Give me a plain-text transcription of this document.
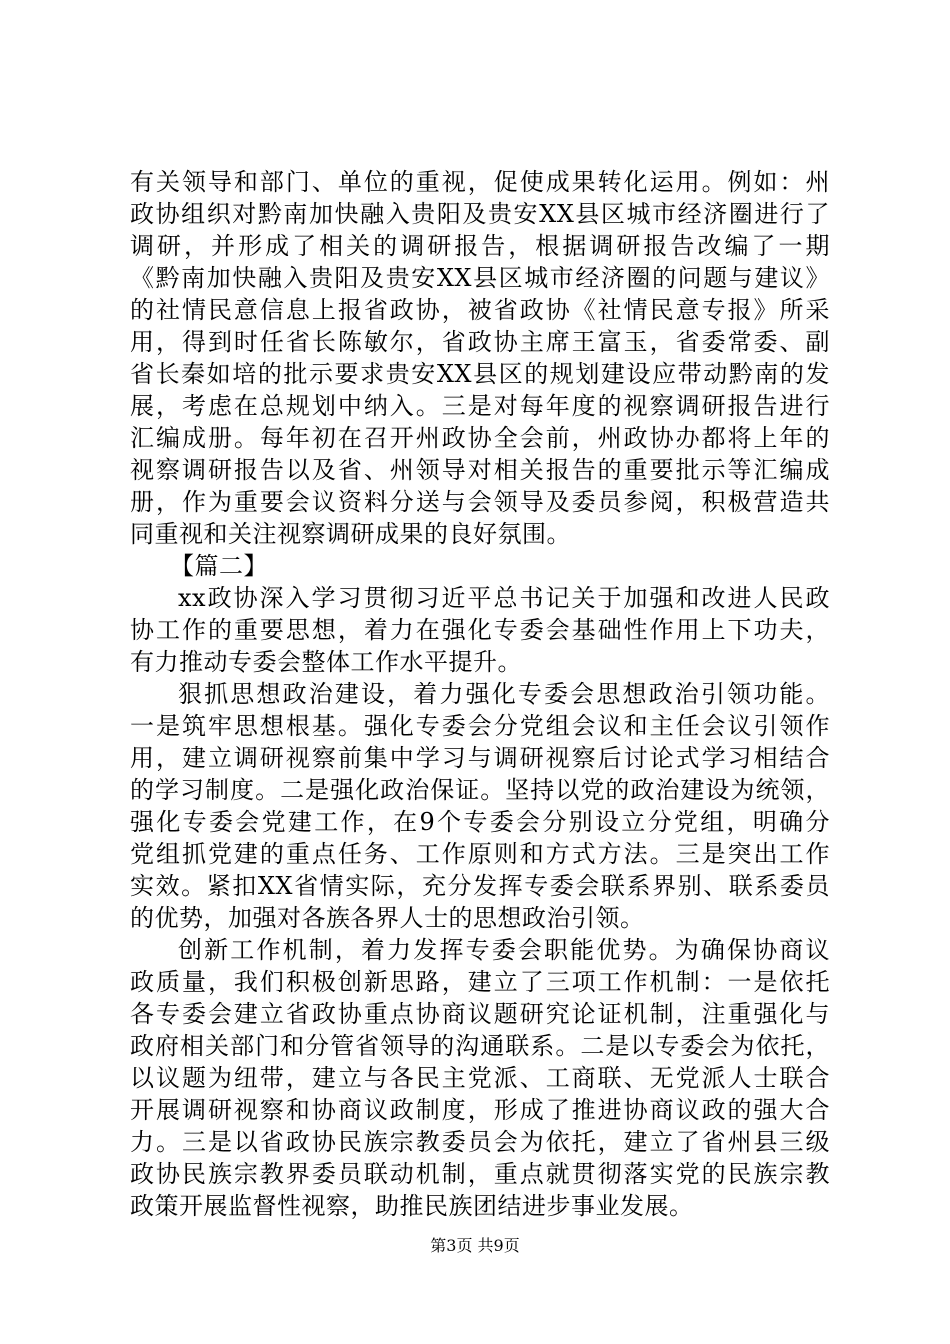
有关领导和部门、单位的重视，促使成果转化运用。例如：州
政协组织对黔南加快融入贵阳及贵安XX县区城市经济圈进行了
调研，并形成了相关的调研报告，根据调研报告改编了一期
《黔南加快融入贵阳及贵安XX县区城市经济圈的问题与建议》
的社情民意信息上报省政协，被省政协《社情民意专报》所采
用，得到时任省长陈敏尔，省政协主席王富玉，省委常委、副
省长秦如培的批示要求贵安XX县区的规划建设应带动黔南的发
展，考虑在总规划中纳入。三是对每年度的视察调研报告进行
汇编成册。每年初在召开州政协全会前，州政协办都将上年的
视察调研报告以及省、州领导对相关报告的重要批示等汇编成
册，作为重要会议资料分送与会领导及委员参阅，积极营造共
同重视和关注视察调研成果的良好氛围。
【篇二】
xx政协深入学习贯彻习近平总书记关于加强和改进人民政
协工作的重要思想，着力在强化专委会基础性作用上下功夫，
有力推动专委会整体工作水平提升。
狠抓思想政治建设，着力强化专委会思想政治引领功能。
一是筑牢思想根基。强化专委会分党组会议和主任会议引领作
用，建立调研视察前集中学习与调研视察后讨论式学习相结合
的学习制度。二是强化政治保证。坚持以党的政治建设为统领，
强化专委会党建工作，在9个专委会分别设立分党组，明确分
党组抓党建的重点任务、工作原则和方式方法。三是突出工作
实效。紧扣XX省情实际，充分发挥专委会联系界别、联系委员
的优势，加强对各族各界人士的思想政治引领。
创新工作机制，着力发挥专委会职能优势。为确保协商议
政质量，我们积极创新思路，建立了三项工作机制：一是依托
各专委会建立省政协重点协商议题研究论证机制，注重强化与
政府相关部门和分管省领导的沟通联系。二是以专委会为依托，
以议题为纽带，建立与各民主党派、工商联、无党派人士联合
开展调研视察和协商议政制度，形成了推进协商议政的强大合
力。三是以省政协民族宗教委员会为依托，建立了省州县三级
政协民族宗教界委员联动机制，重点就贯彻落实党的民族宗教
政策开展监督性视察，助推民族团结进步事业发展。
第3页 共9页
